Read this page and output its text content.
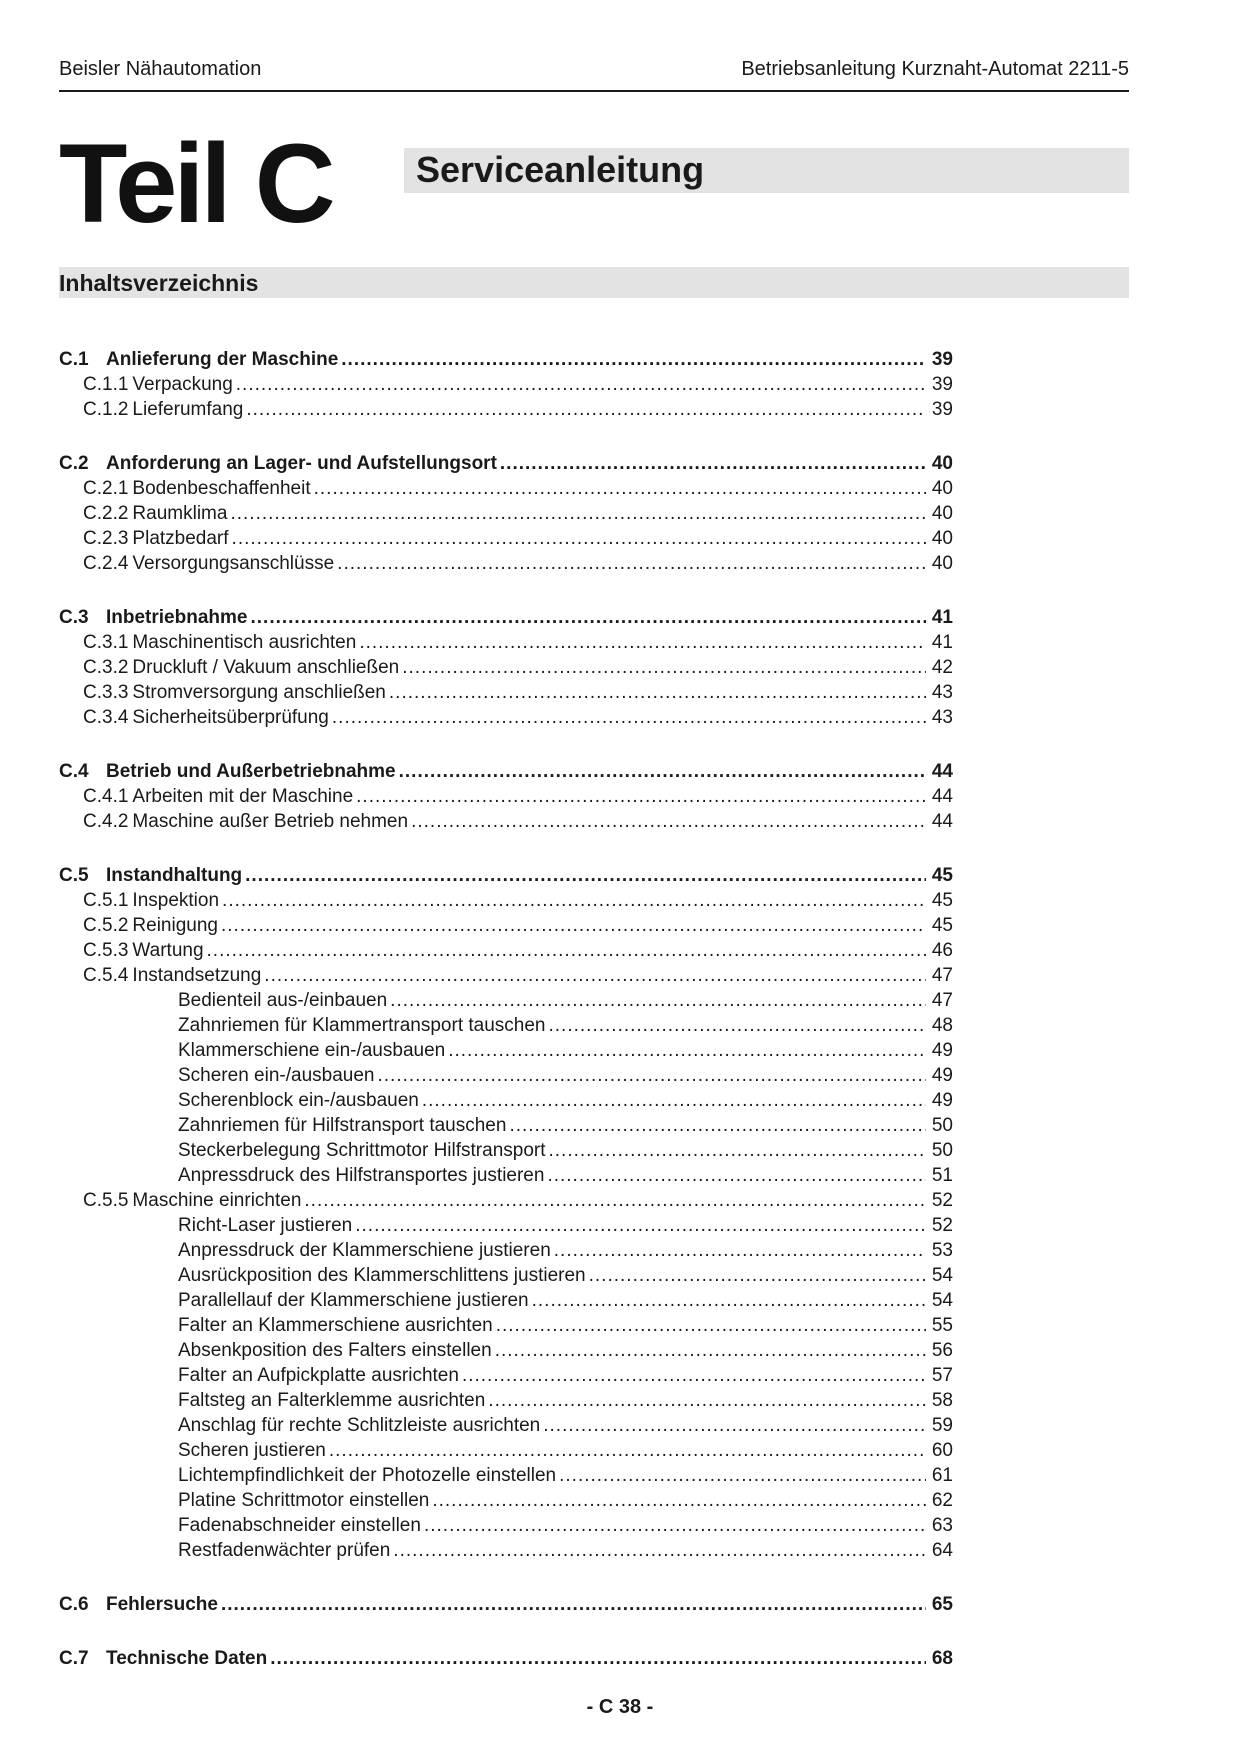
Beisler Nähautomation	Betriebsanleitung Kurznaht-Automat 2211-5
Teil C Serviceanleitung
Inhaltsverzeichnis
C.1 Anlieferung der Maschine .....	39
C.1.1 Verpackung .....	39
C.1.2 Lieferumfang .....	39
C.2 Anforderung an Lager- und Aufstellungsort .....	40
C.2.1 Bodenbeschaffenheit .....	40
C.2.2 Raumklima .....	40
C.2.3 Platzbedarf .....	40
C.2.4 Versorgungsanschlüsse .....	40
C.3 Inbetriebnahme .....	41
C.3.1 Maschinentisch ausrichten .....	41
C.3.2 Druckluft / Vakuum anschließen .....	42
C.3.3 Stromversorgung anschließen .....	43
C.3.4 Sicherheitsüberprüfung .....	43
C.4 Betrieb und Außerbetriebnahme .....	44
C.4.1 Arbeiten mit der Maschine .....	44
C.4.2 Maschine außer Betrieb nehmen .....	44
C.5 Instandhaltung .....	45
C.5.1 Inspektion .....	45
C.5.2 Reinigung .....	45
C.5.3 Wartung .....	46
C.5.4 Instandsetzung .....	47
Bedienteil aus-/einbauen .....	47
Zahnriemen für Klammertransport tauschen .....	48
Klammerschiene ein-/ausbauen .....	49
Scheren ein-/ausbauen .....	49
Scherenblock ein-/ausbauen .....	49
Zahnriemen für Hilfstransport tauschen .....	50
Steckerbelegung Schrittmotor Hilfstransport .....	50
Anpressdruck des Hilfstransportes justieren .....	51
C.5.5 Maschine einrichten .....	52
Richt-Laser justieren .....	52
Anpressdruck der Klammerschiene justieren .....	53
Ausrückposition des Klammerschlittens justieren .....	54
Parallellauf der Klammerschiene justieren .....	54
Falter an Klammerschiene ausrichten .....	55
Absenkposition des Falters einstellen .....	56
Falter an Aufpickplatte ausrichten .....	57
Faltsteg an Falterklemme ausrichten .....	58
Anschlag für rechte Schlitzleiste ausrichten .....	59
Scheren justieren .....	60
Lichtempfindlichkeit der Photozelle einstellen .....	61
Platine Schrittmotor einstellen .....	62
Fadenabschneider einstellen .....	63
Restfadenwächter prüfen .....	64
C.6 Fehlersuche .....	65
C.7 Technische Daten .....	68
- C 38 -
